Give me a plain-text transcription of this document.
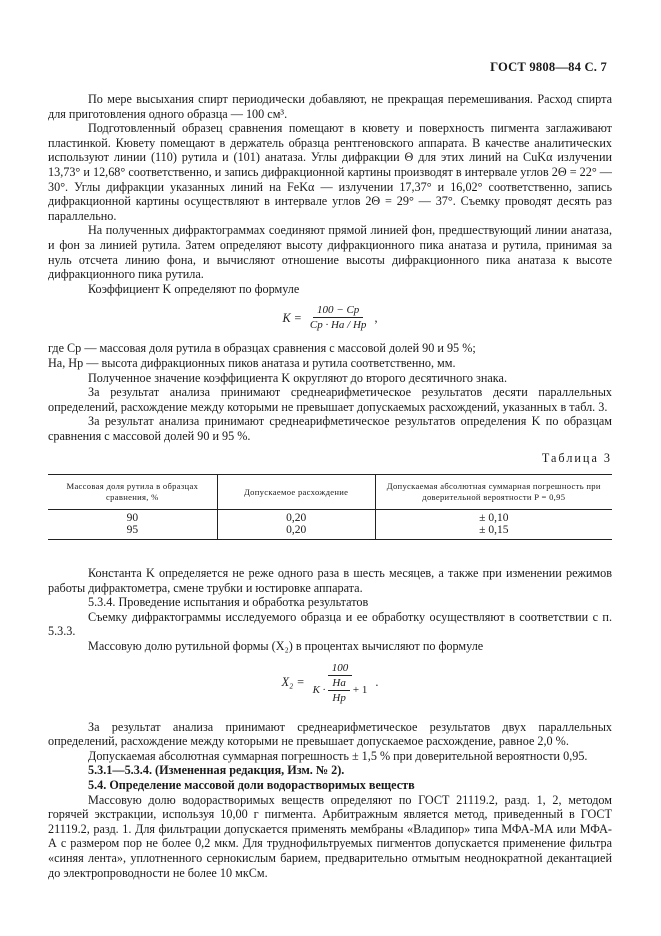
ГОСТ 9808—84 С. 7

По мере высыхания спирт периодически добавляют, не прекращая перемешивания. Расход спирта для приготовления одного образца — 100 см³.

Подготовленный образец сравнения помещают в кювету и поверхность пигмента заглаживают пластинкой. Кювету помещают в держатель образца рентгеновского аппарата. В качестве аналитических используют линии (110) рутила и (101) анатаза. Углы дифракции Θ для этих линий на CuKα излучении 13,73° и 12,68° соответственно, и запись дифракционной картины производят в интервале углов 2Θ = 22° — 30°. Углы дифракции указанных линий на FeKα — излучении 17,37° и 16,02° соответственно, запись дифракционной картины осуществляют в интервале углов 2Θ = 29° — 37°. Съемку проводят десять раз параллельно.

На полученных дифрактограммах соединяют прямой линией фон, предшествующий линии анатаза, и фон за линией рутила. Затем определяют высоту дифракционного пика анатаза и рутила, принимая за нуль отсчета линию фона, и вычисляют отношение высоты дифракционного пика анатаза к высоте дифракционного пика рутила.

Коэффициент K определяют по формуле

$K = \frac{100 - Cр}{Cр \cdot Hа / Hр}$ ,

где Cр — массовая доля рутила в образцах сравнения с массовой долей 90 и 95 %;

Hа, Hр — высота дифракционных пиков анатаза и рутила соответственно, мм.

Полученное значение коэффициента K округляют до второго десятичного знака.

За результат анализа принимают среднеарифметическое результатов десяти параллельных определений, расхождение между которыми не превышает допускаемых расхождений, указанных в табл. 3.

За результат анализа принимают среднеарифметическое результатов определения K по образцам сравнения с массовой долей 90 и 95 %.

Таблица 3
Массовая доля рутила в образцах сравнения, %	Допускаемое расхождение	Допускаемая абсолютная суммарная погрешность при доверительной вероятности P = 0,95
90	0,20	± 0,10
95	0,20	± 0,15

Константа K определяется не реже одного раза в шесть месяцев, а также при изменении режимов работы дифрактометра, смене трубки и юстировке аппарата.

5.3.4. Проведение испытания и обработка результатов

Съемку дифрактограммы исследуемого образца и ее обработку осуществляют в соответствии с п. 5.3.3.

Массовую долю рутильной формы (X₂) в процентах вычисляют по формуле

$X_2 = \frac{100}{K \cdot \frac{Hа}{Hр} + 1}$ .

За результат анализа принимают среднеарифметическое результатов двух параллельных определений, расхождение между которыми не превышает допускаемое расхождение, равное 2,0 %.

Допускаемая абсолютная суммарная погрешность ± 1,5 % при доверительной вероятности 0,95.

5.3.1—5.3.4. (Измененная редакция, Изм. № 2).

5.4. Определение массовой доли водорастворимых веществ

Массовую долю водорастворимых веществ определяют по ГОСТ 21119.2, разд. 1, 2, методом горячей экстракции, используя 10,00 г пигмента. Арбитражным является метод, приведенный в ГОСТ 21119.2, разд. 1. Для фильтрации допускается применять мембраны «Владипор» типа МФА-МА или МФА-А с размером пор не более 0,2 мкм. Для труднофильтруемых пигментов допускается применение фильтра «синяя лента», уплотненного сернокислым барием, предварительно отмытым неоднократной декантацией до электропроводности не более 10 мкСм.
